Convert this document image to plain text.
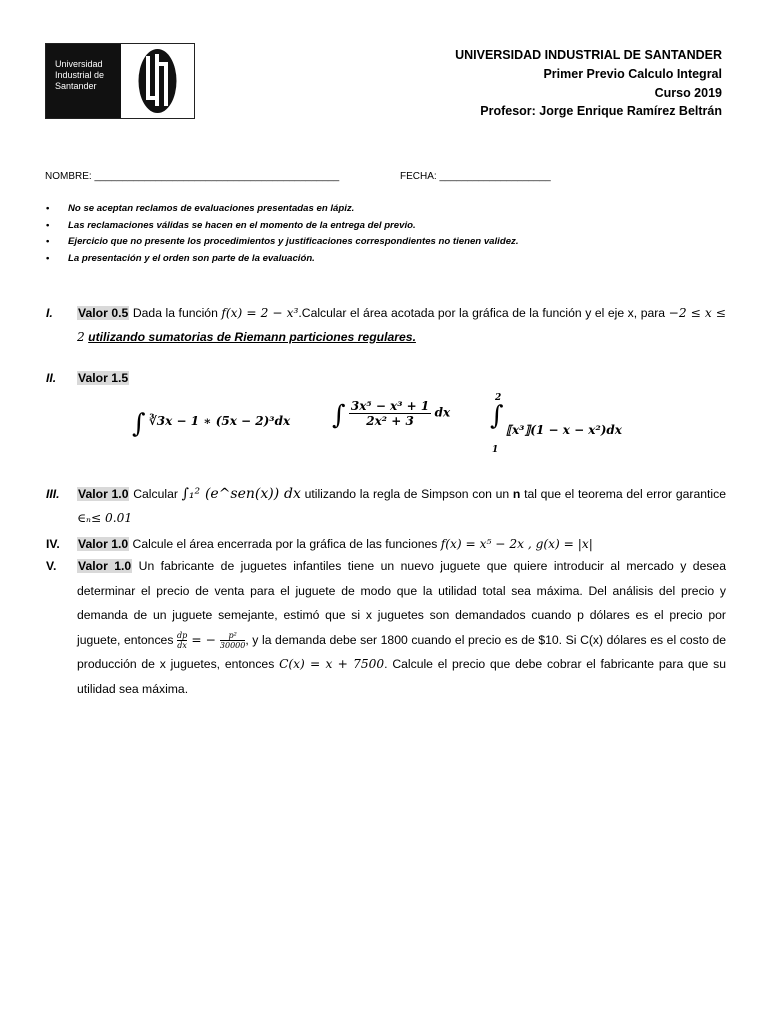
Universidad
Industrial de
Santander
UNIVERSIDAD INDUSTRIAL DE SANTANDER
Primer Previo Calculo Integral
Curso 2019
Profesor: Jorge Enrique Ramírez Beltrán
NOMBRE: ____________________________________________	FECHA: ____________________
• No se aceptan reclamos de evaluaciones presentadas en lápiz.
• Las reclamaciones válidas se hacen en el momento de la entrega del previo.
• Ejercicio que no presente los procedimientos y justificaciones correspondientes no tienen validez.
• La presentación y el orden son parte de la evaluación.
I.	Valor 0.5 Dada la función f(x) = 2 − x³.Calcular el área acotada por la gráfica de la función y el eje x, para −2 ≤ x ≤ 2 utilizando sumatorias de Riemann particiones regulares.
II.	Valor 1.5
∫ ∛3x − 1 ∗ (5x − 2)³dx ∫ $\frac{\text{3x⁵ − x³ + 1}}{\text{2x² + 3}}$ dx
2
∫
1
⟦x³⟧(1 − x − x²)dx
III.	Valor 1.0 Calcular ∫₁² (e^sen(x)) dx utilizando la regla de Simpson con un n tal que el teorema del error garantice ∈ₙ≤ 0.01
IV.	Valor 1.0 Calcule el área encerrada por la gráfica de las funciones f(x) = x⁵ − 2x , g(x) = |x|
V.	Valor 1.0 Un fabricante de juguetes infantiles tiene un nuevo juguete que quiere introducir al mercado y desea determinar el precio de venta para el juguete de modo que la utilidad total sea máxima. Del análisis del precio y demanda de un juguete semejante, estimó que si x juguetes son demandados cuando p dólares es el precio por juguete, entonces $\frac{dp}{dx}$ = − $\frac{\text{p²}}{30000}$, y la demanda debe ser 1800 cuando el precio es de $10. Si C(x) dólares es el costo de producción de x juguetes, entonces C(x) = x + 7500. Calcule el precio que debe cobrar el fabricante para que su utilidad sea máxima.
